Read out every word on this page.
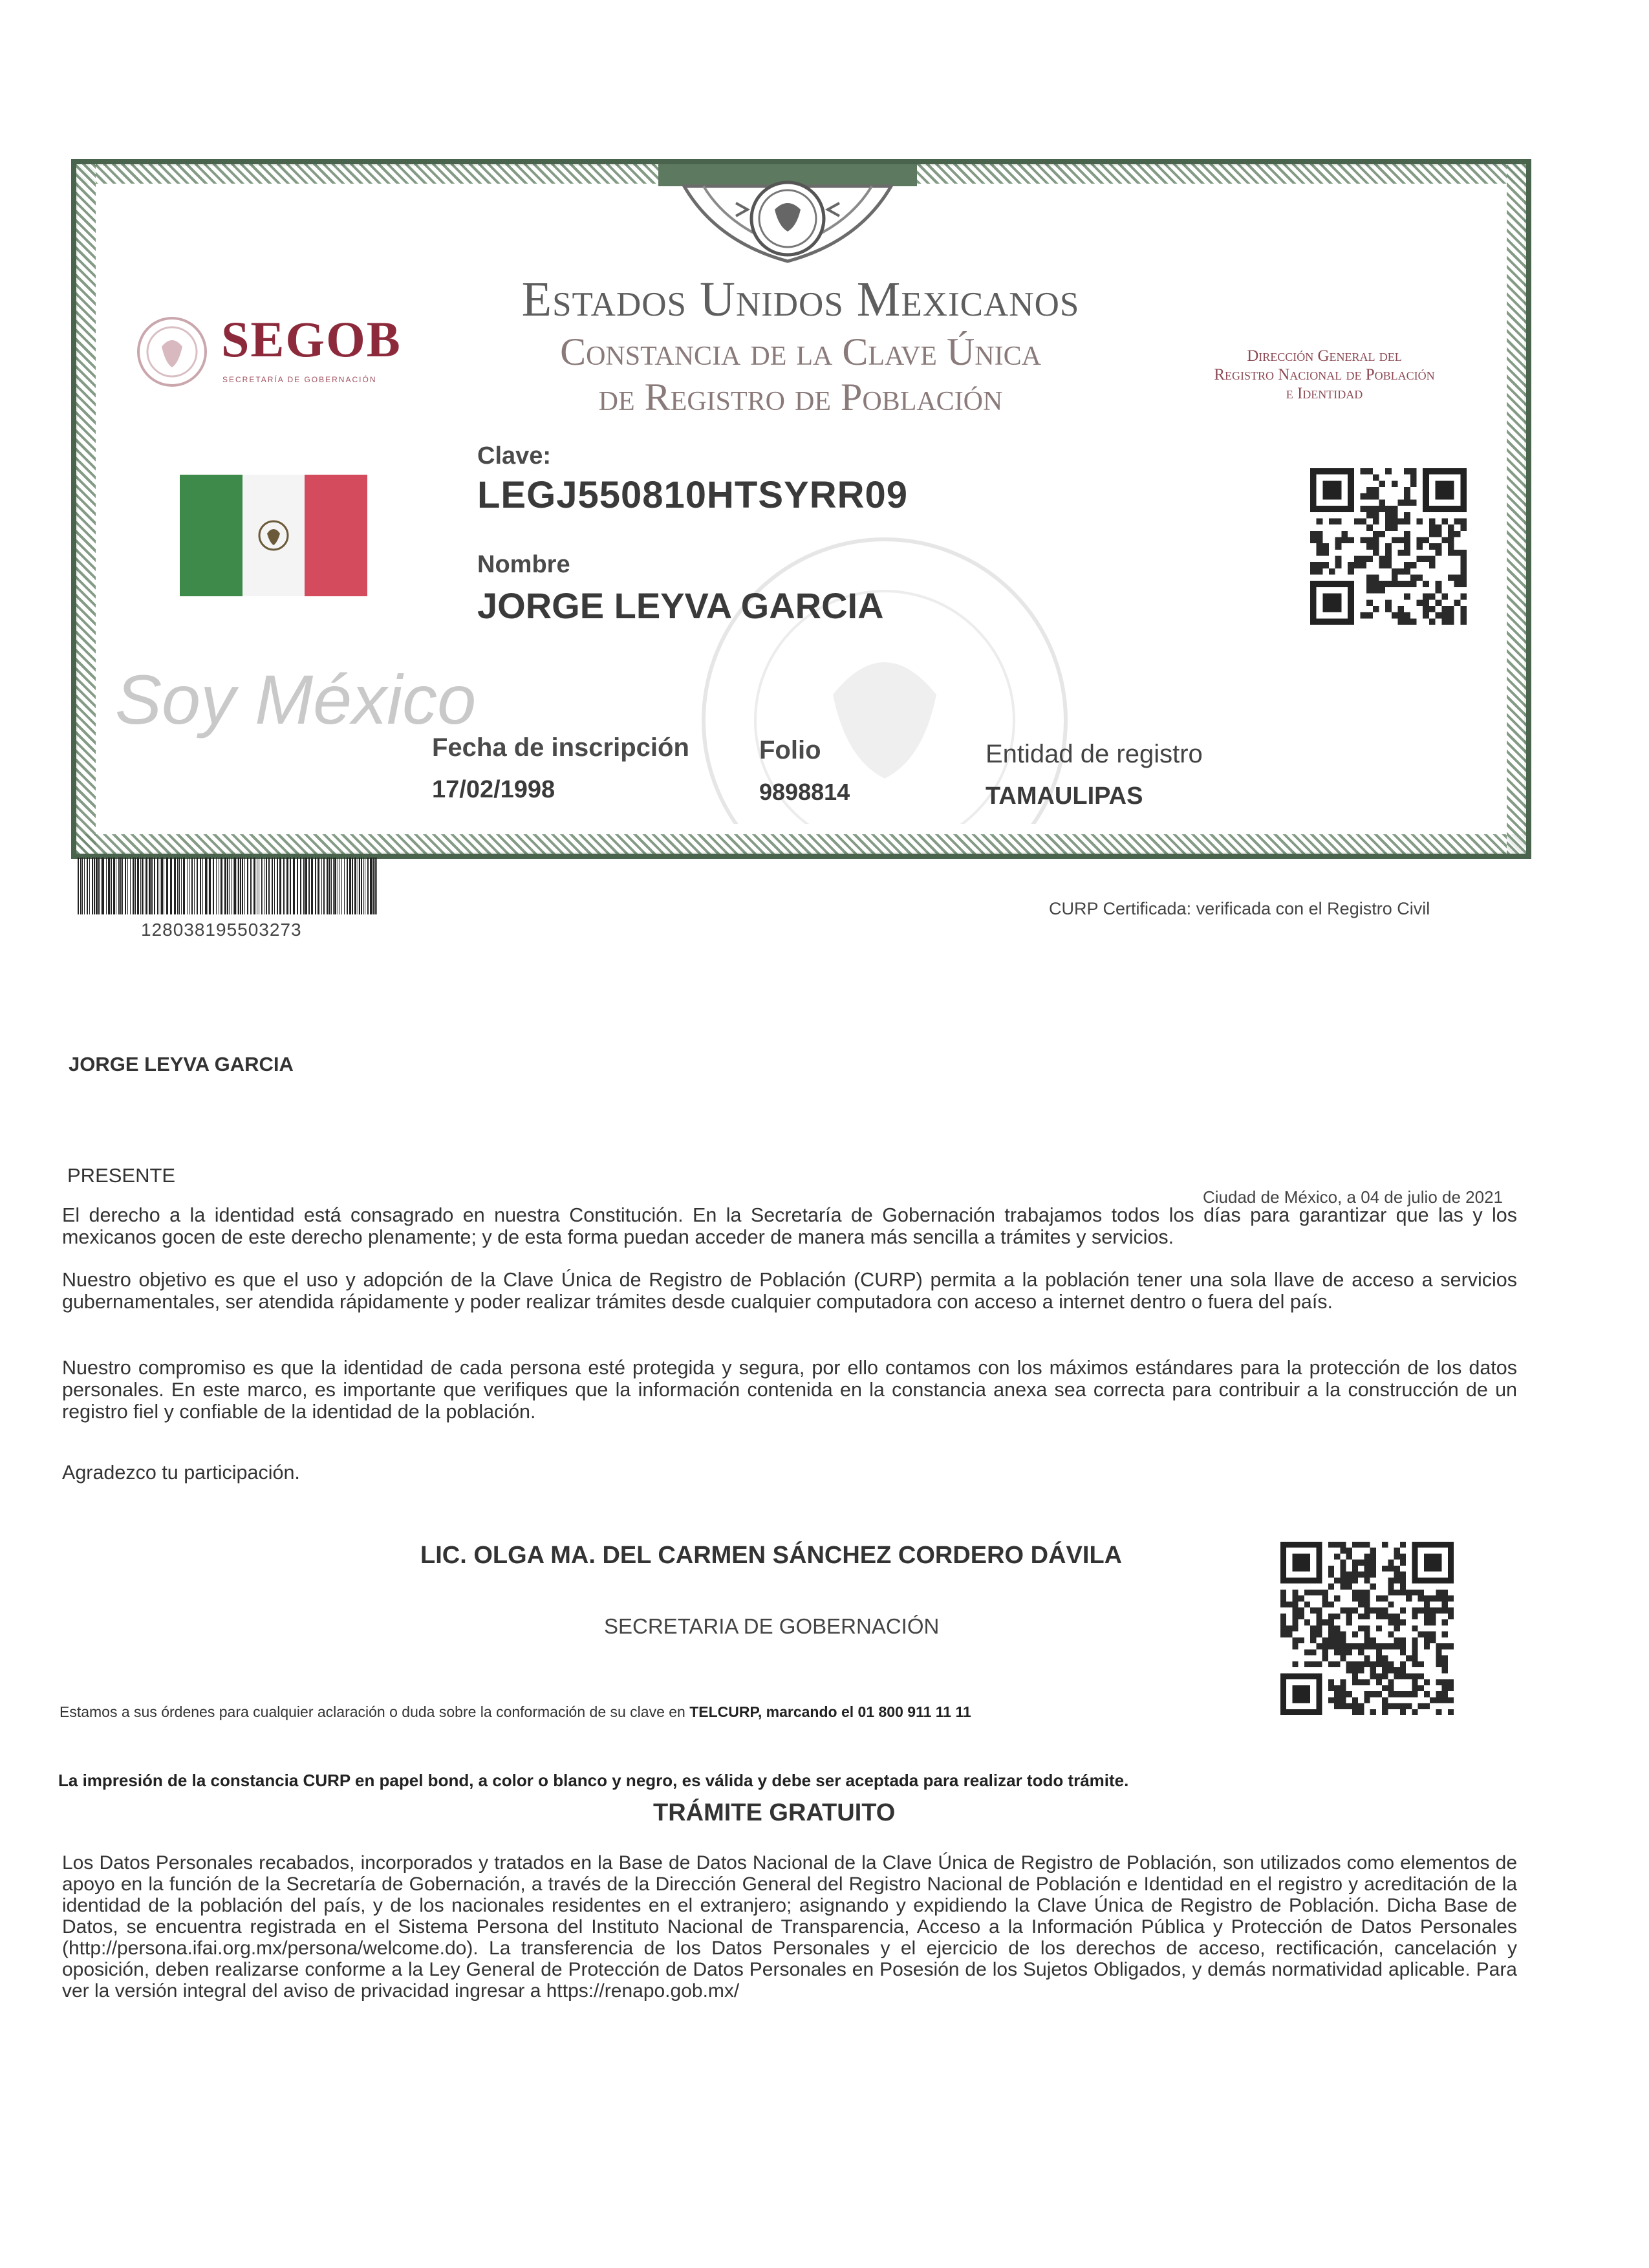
Estados Unidos Mexicanos
Constancia de la Clave Única
de Registro de Población
SEGOB
SECRETARÍA DE GOBERNACIÓN
Dirección General del
Registro Nacional de Población
e Identidad
Soy México
Clave:
LEGJ550810HTSYRR09
Nombre
JORGE LEYVA GARCIA
Fecha de inscripción
17/02/1998
Folio
9898814
Entidad de registro
TAMAULIPAS
128038195503273
CURP Certificada: verificada con el Registro Civil
JORGE LEYVA GARCIA
PRESENTE
Ciudad de México, a 04 de julio de 2021
El derecho a la identidad está consagrado en nuestra Constitución. En la Secretaría de Gobernación trabajamos todos los días para garantizar que las y los mexicanos gocen de este derecho plenamente; y de esta forma puedan acceder de manera más sencilla a trámites y servicios.
Nuestro objetivo es que el uso y adopción de la Clave Única de Registro de Población (CURP) permita a la población tener una sola llave de acceso a servicios gubernamentales, ser atendida rápidamente y poder realizar trámites desde cualquier computadora con acceso a internet dentro o fuera del país.
Nuestro compromiso es que la identidad de cada persona esté protegida y segura, por ello contamos con los máximos estándares para la protección de los datos personales. En este marco, es importante que verifiques que la información contenida en la constancia anexa sea correcta para contribuir a la construcción de un registro fiel y confiable de la identidad de la población.
Agradezco tu participación.
LIC. OLGA MA. DEL CARMEN SÁNCHEZ CORDERO DÁVILA
SECRETARIA DE GOBERNACIÓN
Estamos a sus órdenes para cualquier aclaración o duda sobre la conformación de su clave en TELCURP, marcando el 01 800 911 11 11
La impresión de la constancia CURP en papel bond, a color o blanco y negro, es válida y debe ser aceptada para realizar todo trámite.
TRÁMITE GRATUITO
Los Datos Personales recabados, incorporados y tratados en la Base de Datos Nacional de la Clave Única de Registro de Población, son utilizados como elementos de apoyo en la función de la Secretaría de Gobernación, a través de la Dirección General del Registro Nacional de Población e Identidad en el registro y acreditación de la identidad de la población del país, y de los nacionales residentes en el extranjero; asignando y expidiendo la Clave Única de Registro de Población. Dicha Base de Datos, se encuentra registrada en el Sistema Persona del Instituto Nacional de Transparencia, Acceso a la Información Pública y Protección de Datos Personales (http://persona.ifai.org.mx/persona/welcome.do). La transferencia de los Datos Personales y el ejercicio de los derechos de acceso, rectificación, cancelación y oposición, deben realizarse conforme a la Ley General de Protección de Datos Personales en Posesión de los Sujetos Obligados, y demás normatividad aplicable. Para ver la versión integral del aviso de privacidad ingresar a https://renapo.gob.mx/
